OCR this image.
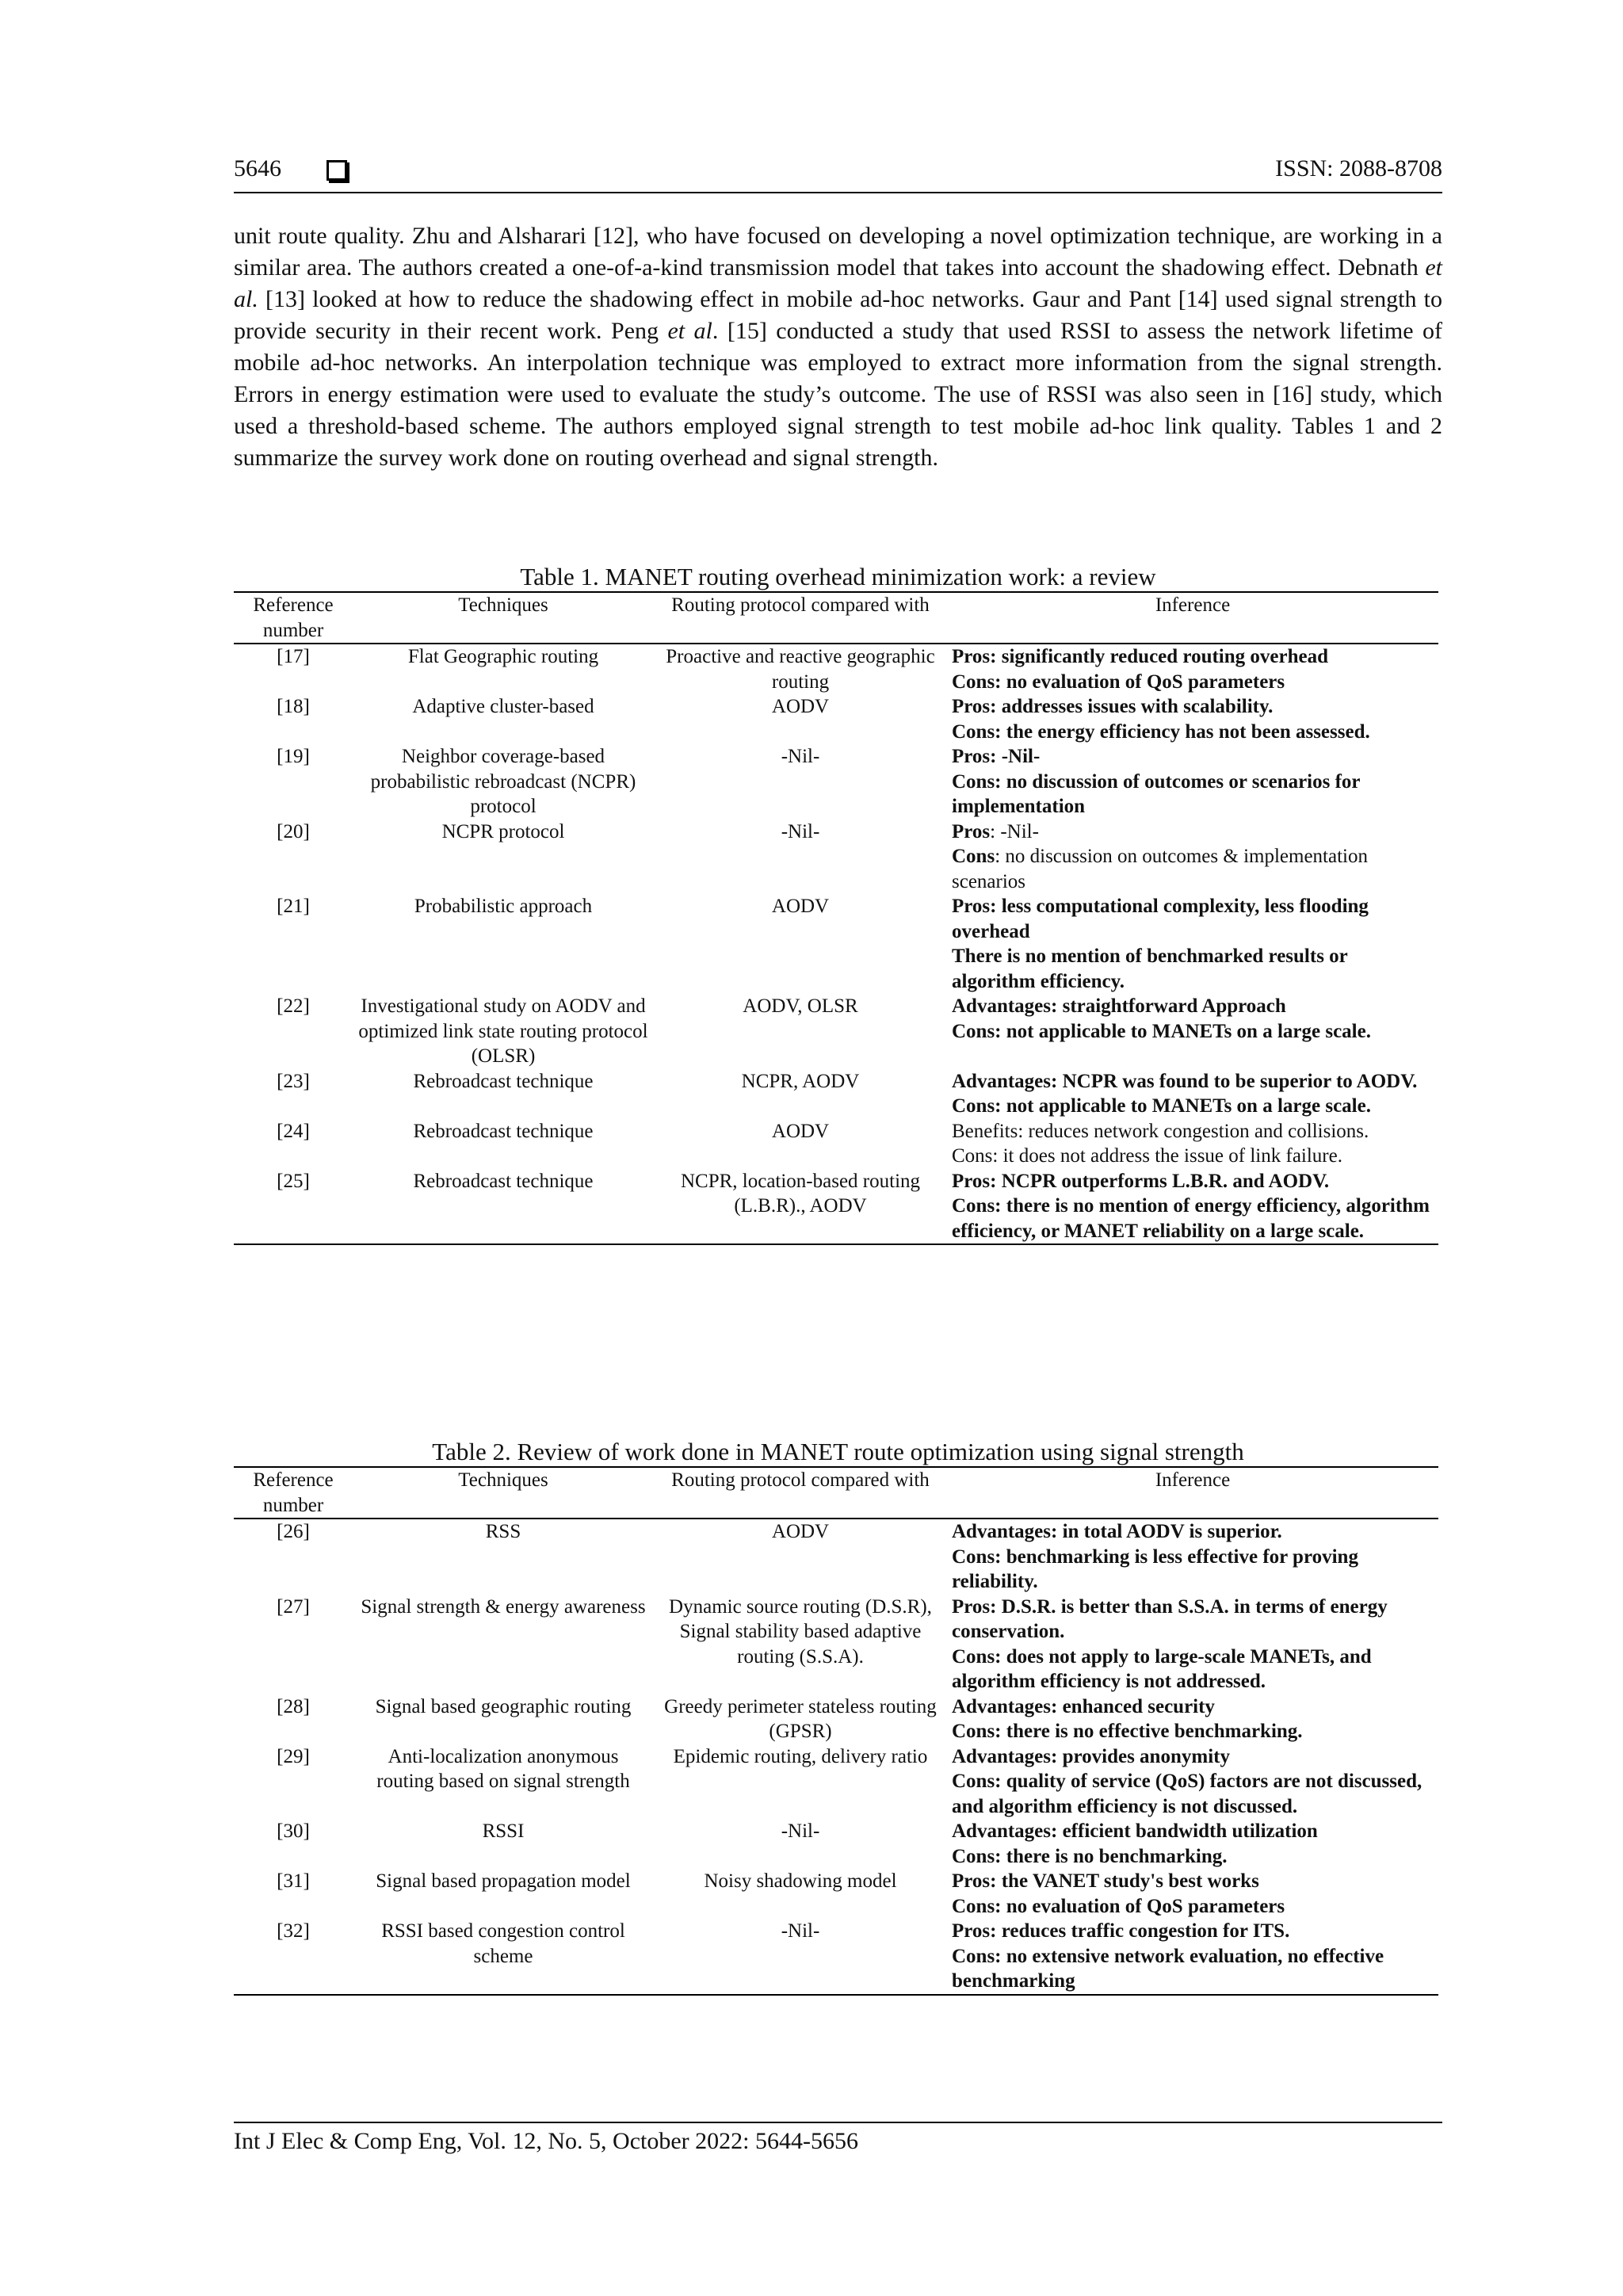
5646	ISSN: 2088-8708
unit route quality. Zhu and Alsharari [12], who have focused on developing a novel optimization technique, are working in a similar area. The authors created a one-of-a-kind transmission model that takes into account the shadowing effect. Debnath et al. [13] looked at how to reduce the shadowing effect in mobile ad-hoc networks. Gaur and Pant [14] used signal strength to provide security in their recent work. Peng et al. [15] conducted a study that used RSSI to assess the network lifetime of mobile ad-hoc networks. An interpolation technique was employed to extract more information from the signal strength. Errors in energy estimation were used to evaluate the study’s outcome. The use of RSSI was also seen in [16] study, which used a threshold-based scheme. The authors employed signal strength to test mobile ad-hoc link quality. Tables 1 and 2 summarize the survey work done on routing overhead and signal strength.
Table 1. MANET routing overhead minimization work: a review
Reference number	Techniques	Routing protocol compared with	Inference
[17]	Flat Geographic routing	Proactive and reactive geographic routing	Pros: significantly reduced routing overhead
Cons: no evaluation of QoS parameters

[18]	Adaptive cluster-based	AODV	Pros: addresses issues with scalability.
Cons: the energy efficiency has not been assessed.

[19]	Neighbor coverage-based probabilistic rebroadcast (NCPR) protocol	-Nil-	Pros: -Nil-
Cons: no discussion of outcomes or scenarios for implementation

[20]	NCPR protocol	-Nil-	Pros: -Nil-
Cons: no discussion on outcomes & implementation scenarios

[21]	Probabilistic approach	AODV	Pros: less computational complexity, less flooding overhead
There is no mention of benchmarked results or algorithm efficiency.

[22]	Investigational study on AODV and optimized link state routing protocol (OLSR)	AODV, OLSR	Advantages: straightforward Approach
Cons: not applicable to MANETs on a large scale.

[23]	Rebroadcast technique	NCPR, AODV	Advantages: NCPR was found to be superior to AODV.
Cons: not applicable to MANETs on a large scale.

[24]	Rebroadcast technique	AODV	Benefits: reduces network congestion and collisions.
Cons: it does not address the issue of link failure.

[25]	Rebroadcast technique	NCPR, location-based routing (L.B.R)., AODV	Pros: NCPR outperforms L.B.R. and AODV.
Cons: there is no mention of energy efficiency, algorithm efficiency, or MANET reliability on a large scale.
Table 2. Review of work done in MANET route optimization using signal strength
Reference number	Techniques	Routing protocol compared with	Inference
[26]	RSS	AODV	Advantages: in total AODV is superior.
Cons: benchmarking is less effective for proving reliability.

[27]	Signal strength & energy awareness	Dynamic source routing (D.S.R), Signal stability based adaptive routing (S.S.A).	Pros: D.S.R. is better than S.S.A. in terms of energy conservation.
Cons: does not apply to large-scale MANETs, and algorithm efficiency is not addressed.

[28]	Signal based geographic routing	Greedy perimeter stateless routing (GPSR)	Advantages: enhanced security
Cons: there is no effective benchmarking.

[29]	Anti-localization anonymous routing based on signal strength	Epidemic routing, delivery ratio	Advantages: provides anonymity
Cons: quality of service (QoS) factors are not discussed, and algorithm efficiency is not discussed.

[30]	RSSI	-Nil-	Advantages: efficient bandwidth utilization
Cons: there is no benchmarking.

[31]	Signal based propagation model	Noisy shadowing model	Pros: the VANET study's best works
Cons: no evaluation of QoS parameters

[32]	RSSI based congestion control scheme	-Nil-	Pros: reduces traffic congestion for ITS.
Cons: no extensive network evaluation, no effective benchmarking
Int J Elec & Comp Eng, Vol. 12, No. 5, October 2022: 5644-5656
